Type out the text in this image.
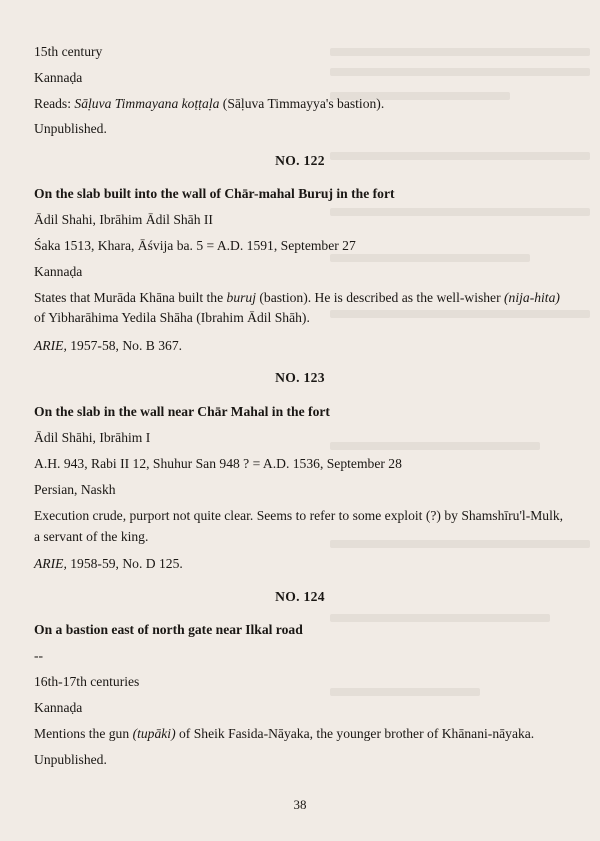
15th century
Kannaḍa
Reads: Sāḷuva Timmayana koṭṭaḷa (Sāḷuva Timmayya's bastion).
Unpublished.
NO. 122
On the slab built into the wall of Chār-mahal Buruj in the fort
Ādil Shahi, Ibrāhim Ādil Shāh II
Śaka 1513, Khara, Āśvija ba. 5 = A.D. 1591, September 27
Kannaḍa
States that Murāda Khāna built the buruj (bastion). He is described as the well-wisher (nija-hita)
of Yibharāhima Yedila Shāha (Ibrahim Ādil Shāh).
ARIE, 1957-58, No. B 367.
NO. 123
On the slab in the wall near Chār Mahal in the fort
Ādil Shāhi, Ibrāhim I
A.H. 943, Rabi II 12, Shuhur San 948 ? = A.D. 1536, September 28
Persian, Naskh
Execution crude, purport not quite clear. Seems to refer to some exploit (?) by Shamshīru'l-Mulk,
a servant of the king.
ARIE, 1958-59, No. D 125.
NO. 124
On a bastion east of north gate near Ilkal road
--
16th-17th centuries
Kannaḍa
Mentions the gun (tupāki) of Sheik Fasida-Nāyaka, the younger brother of Khānani-nāyaka.
Unpublished.
38
